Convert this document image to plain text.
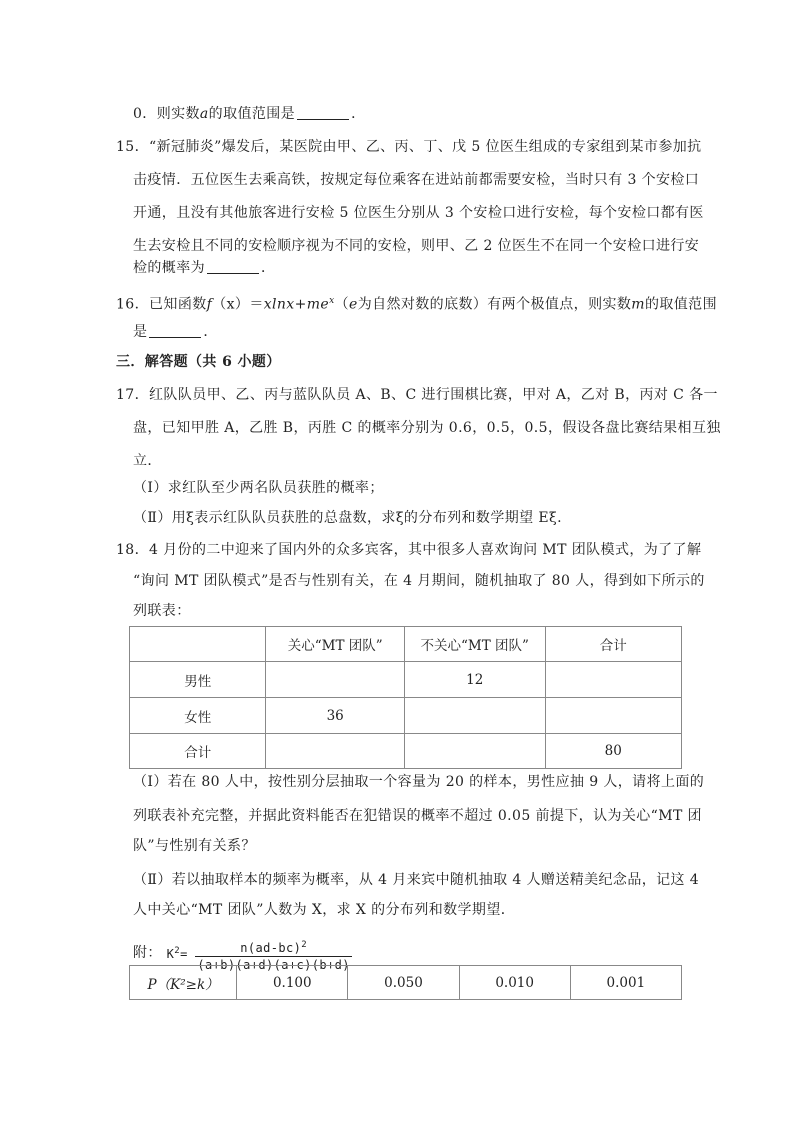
0．则实数a的取值范围是	．
15．“新冠肺炎”爆发后，某医院由甲、乙、丙、丁、戊 5 位医生组成的专家组到某市参加抗
击疫情．五位医生去乘高铁，按规定每位乘客在进站前都需要安检，当时只有 3 个安检口
开通，且没有其他旅客进行安检 5 位医生分别从 3 个安检口进行安检，每个安检口都有医
生去安检且不同的安检顺序视为不同的安检，则甲、乙 2 位医生不在同一个安检口进行安
检的概率为	．
16．已知函数$f(x)=xlnx+me^x(e$为自然对数的底数）有两个极值点，则实数m的取值范围
是	．
三．解答题（共 6 小题）
17．红队队员甲、乙、丙与蓝队队员 A、B、C 进行围棋比赛，甲对 A，乙对 B，丙对 C 各一
盘，已知甲胜 A，乙胜 B，丙胜 C 的概率分别为 0.6，0.5，0.5，假设各盘比赛结果相互独
立．
（Ⅰ）求红队至少两名队员获胜的概率；
（Ⅱ）用ξ表示红队队员获胜的总盘数，求ξ的分布列和数学期望 Eξ.
18．4 月份的二中迎来了国内外的众多宾客，其中很多人喜欢询问 MT 团队模式，为了了解
“询问 MT 团队模式”是否与性别有关，在 4 月期间，随机抽取了 80 人，得到如下所示的
列联表：
	关心“MT 团队”	不关心“MT 团队”	合计
男性		12	
女性	36		
合计			80
（Ⅰ）若在 80 人中，按性别分层抽取一个容量为 20 的样本，男性应抽 9 人，请将上面的
列联表补充完整，并据此资料能否在犯错误的概率不超过 0.05 前提下，认为关心“MT 团
队”与性别有关系？
（Ⅱ）若以抽取样本的频率为概率，从 4 月来宾中随机抽取 4 人赠送精美纪念品，记这 4
人中关心“MT 团队”人数为 X，求 X 的分布列和数学期望．
附： $K^2= \frac{n(ad-bc)^2}{(a+b)(a+d)(a+c)(b+d)}$
P（K²≥k）	0.100	0.050	0.010	0.001
